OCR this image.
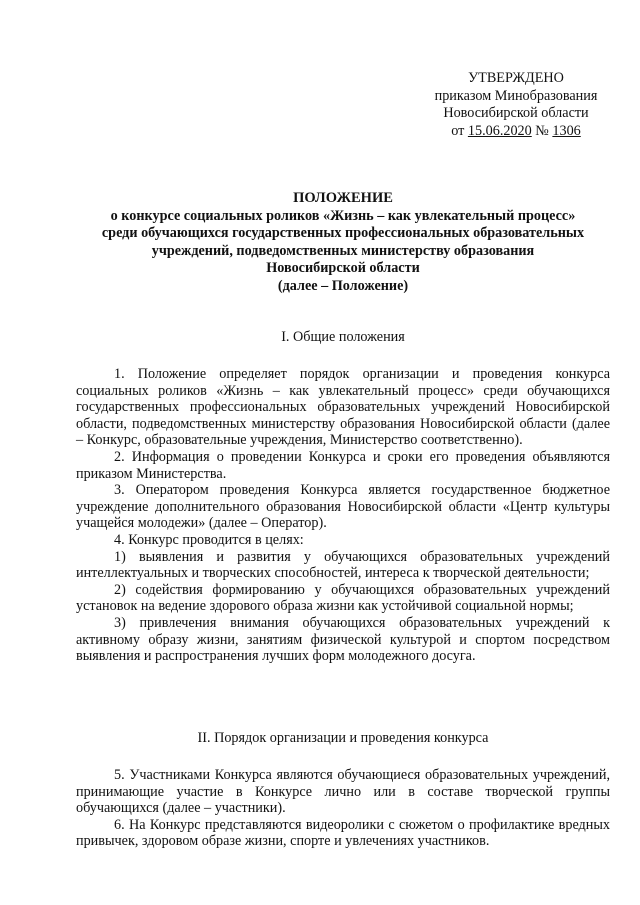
УТВЕРЖДЕНО
приказом Минобразования
Новосибирской области
от 15.06.2020 № 1306
ПОЛОЖЕНИЕ
о конкурсе социальных роликов «Жизнь – как увлекательный процесс»
среди обучающихся государственных профессиональных образовательных
учреждений, подведомственных министерству образования
Новосибирской области
(далее – Положение)
I. Общие положения

1. Положение определяет порядок организации и проведения конкурса социальных роликов «Жизнь – как увлекательный процесс» среди обучающихся государственных профессиональных образовательных учреждений Новосибирской области, подведомственных министерству образования Новосибирской области (далее – Конкурс, образовательные учреждения, Министерство соответственно).

2. Информация о проведении Конкурса и сроки его проведения объявляются приказом Министерства.

3. Оператором проведения Конкурса является государственное бюджетное учреждение дополнительного образования Новосибирской области «Центр культуры учащейся молодежи» (далее – Оператор).

4. Конкурс проводится в целях:

1) выявления и развития у обучающихся образовательных учреждений интеллектуальных и творческих способностей, интереса к творческой деятельности;

2) содействия формированию у обучающихся образовательных учреждений установок на ведение здорового образа жизни как устойчивой социальной нормы;

3) привлечения внимания обучающихся образовательных учреждений к активному образу жизни, занятиям физической культурой и спортом посредством выявления и распространения лучших форм молодежного досуга.

II. Порядок организации и проведения конкурса

5. Участниками Конкурса являются обучающиеся образовательных учреждений, принимающие участие в Конкурсе лично или в составе творческой группы обучающихся (далее – участники).

6. На Конкурс представляются видеоролики с сюжетом о профилактике вредных привычек, здоровом образе жизни, спорте и увлечениях участников.
